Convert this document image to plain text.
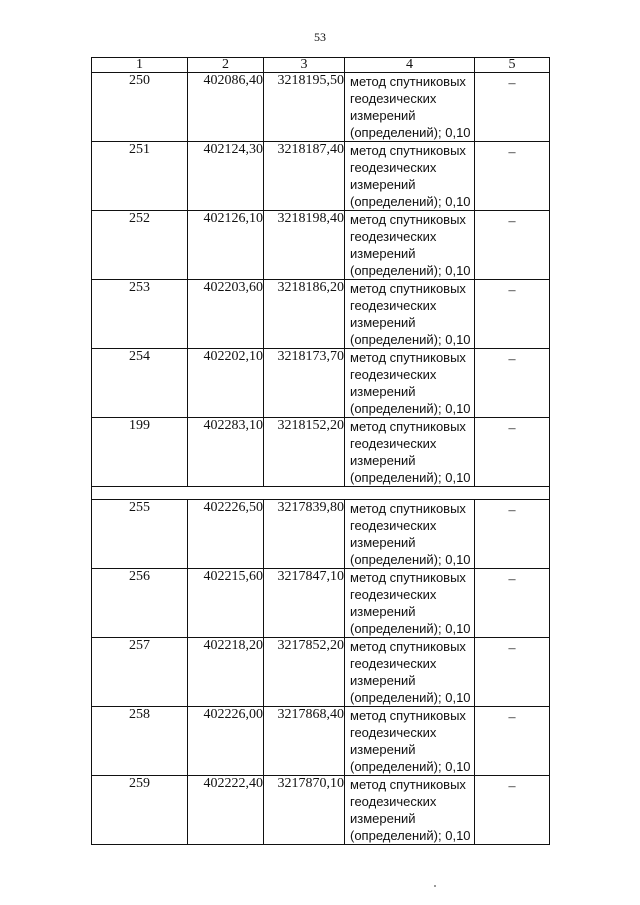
53
1	2	3	4	5
250	402086,40	3218195,50	метод спутниковых геодезических измерений (определений); 0,10	–
251	402124,30	3218187,40	метод спутниковых геодезических измерений (определений); 0,10	–
252	402126,10	3218198,40	метод спутниковых геодезических измерений (определений); 0,10	–
253	402203,60	3218186,20	метод спутниковых геодезических измерений (определений); 0,10	–
254	402202,10	3218173,70	метод спутниковых геодезических измерений (определений); 0,10	–
199	402283,10	3218152,20	метод спутниковых геодезических измерений (определений); 0,10	–

255	402226,50	3217839,80	метод спутниковых геодезических измерений (определений); 0,10	–
256	402215,60	3217847,10	метод спутниковых геодезических измерений (определений); 0,10	–
257	402218,20	3217852,20	метод спутниковых геодезических измерений (определений); 0,10	–
258	402226,00	3217868,40	метод спутниковых геодезических измерений (определений); 0,10	–
259	402222,40	3217870,10	метод спутниковых геодезических измерений (определений); 0,10	–
